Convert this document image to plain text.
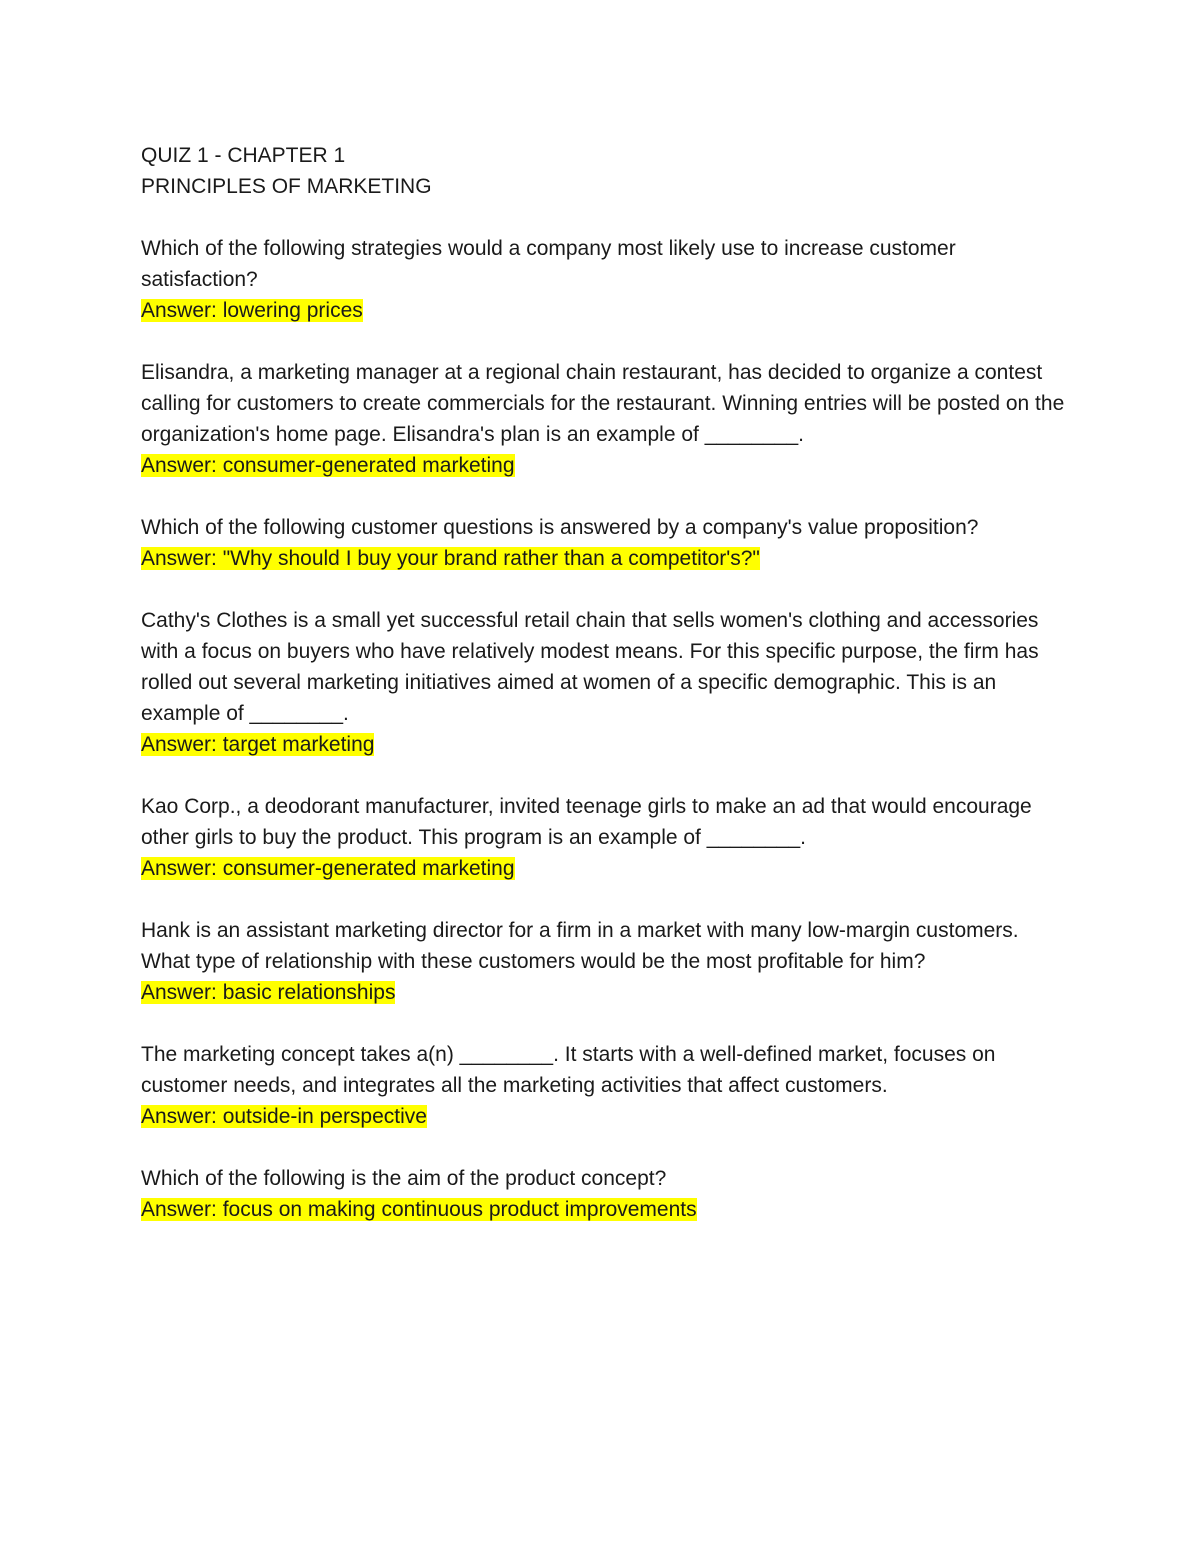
QUIZ 1 - CHAPTER 1
PRINCIPLES OF MARKETING
Which of the following strategies would a company most likely use to increase customer satisfaction?
Answer: lowering prices
Elisandra, a marketing manager at a regional chain restaurant, has decided to organize a contest calling for customers to create commercials for the restaurant. Winning entries will be posted on the organization's home page. Elisandra's plan is an example of ________.
Answer: consumer-generated marketing
Which of the following customer questions is answered by a company's value proposition?
Answer: "Why should I buy your brand rather than a competitor's?"
Cathy's Clothes is a small yet successful retail chain that sells women's clothing and accessories with a focus on buyers who have relatively modest means. For this specific purpose, the firm has rolled out several marketing initiatives aimed at women of a specific demographic. This is an example of ________.
Answer: target marketing
Kao Corp., a deodorant manufacturer, invited teenage girls to make an ad that would encourage other girls to buy the product. This program is an example of ________.
Answer: consumer-generated marketing
Hank is an assistant marketing director for a firm in a market with many low-margin customers. What type of relationship with these customers would be the most profitable for him?
Answer: basic relationships
The marketing concept takes a(n) ________. It starts with a well-defined market, focuses on customer needs, and integrates all the marketing activities that affect customers.
Answer: outside-in perspective
Which of the following is the aim of the product concept?
Answer: focus on making continuous product improvements
